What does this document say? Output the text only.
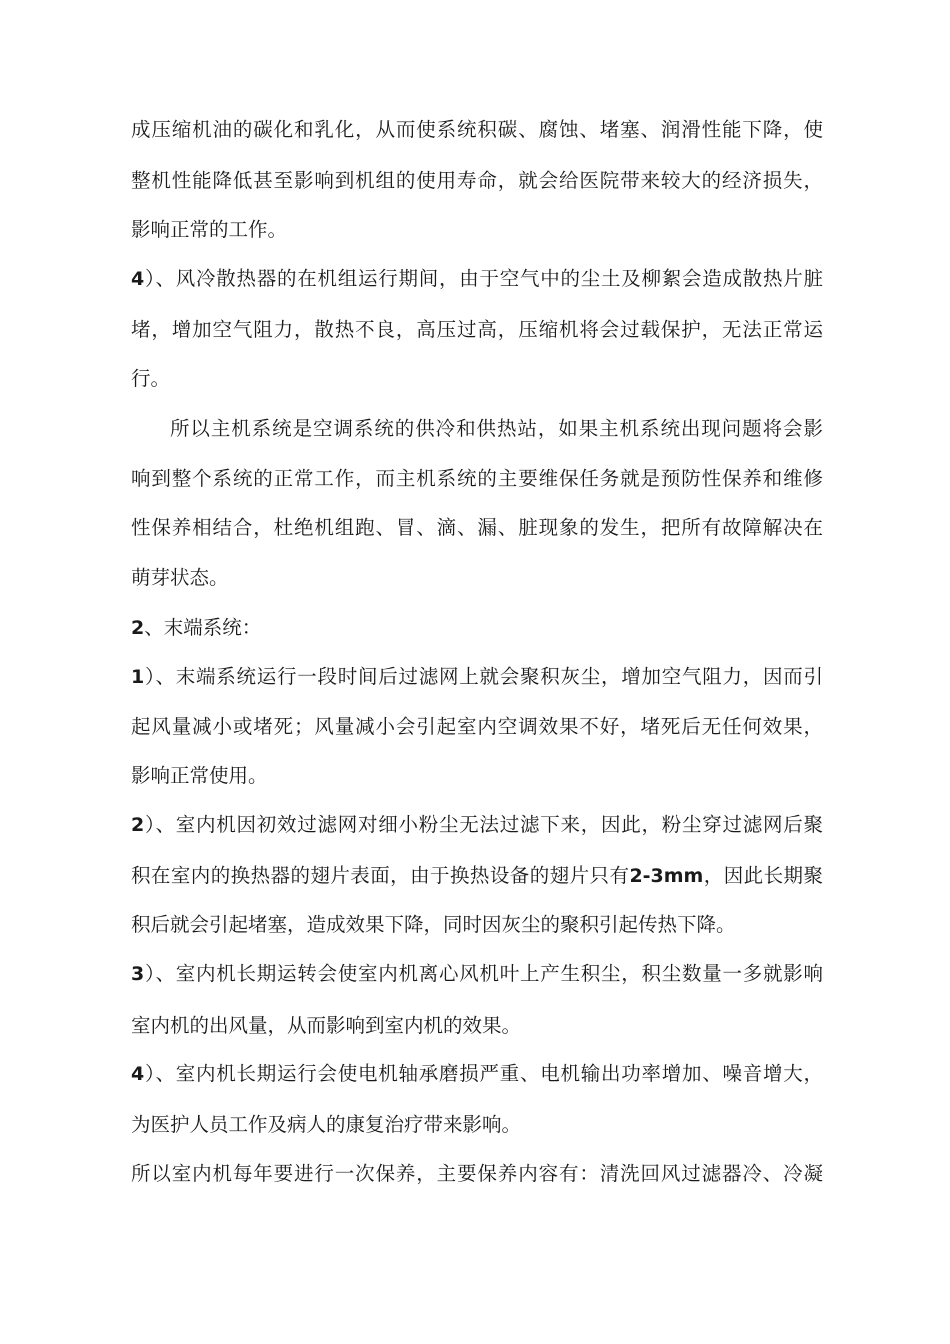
成压缩机油的碳化和乳化，从而使系统积碳、腐蚀、堵塞、润滑性能下降，使
整机性能降低甚至影响到机组的使用寿命，就会给医院带来较大的经济损失，
影响正常的工作。
4）、风冷散热器的在机组运行期间，由于空气中的尘土及柳絮会造成散热片脏
堵，增加空气阻力，散热不良，高压过高，压缩机将会过载保护，无法正常运
行。
所以主机系统是空调系统的供冷和供热站，如果主机系统出现问题将会影
响到整个系统的正常工作，而主机系统的主要维保任务就是预防性保养和维修
性保养相结合，杜绝机组跑、冒、滴、漏、脏现象的发生，把所有故障解决在
萌芽状态。
2、末端系统：
1）、末端系统运行一段时间后过滤网上就会聚积灰尘，增加空气阻力，因而引
起风量减小或堵死；风量减小会引起室内空调效果不好，堵死后无任何效果，
影响正常使用。
2）、室内机因初效过滤网对细小粉尘无法过滤下来，因此，粉尘穿过滤网后聚
积在室内的换热器的翅片表面，由于换热设备的翅片只有2-3mm，因此长期聚
积后就会引起堵塞，造成效果下降，同时因灰尘的聚积引起传热下降。
3）、室内机长期运转会使室内机离心风机叶上产生积尘，积尘数量一多就影响
室内机的出风量，从而影响到室内机的效果。
4）、室内机长期运行会使电机轴承磨损严重、电机输出功率增加、噪音增大，
为医护人员工作及病人的康复治疗带来影响。
所以室内机每年要进行一次保养，主要保养内容有：清洗回风过滤器冷、冷凝
